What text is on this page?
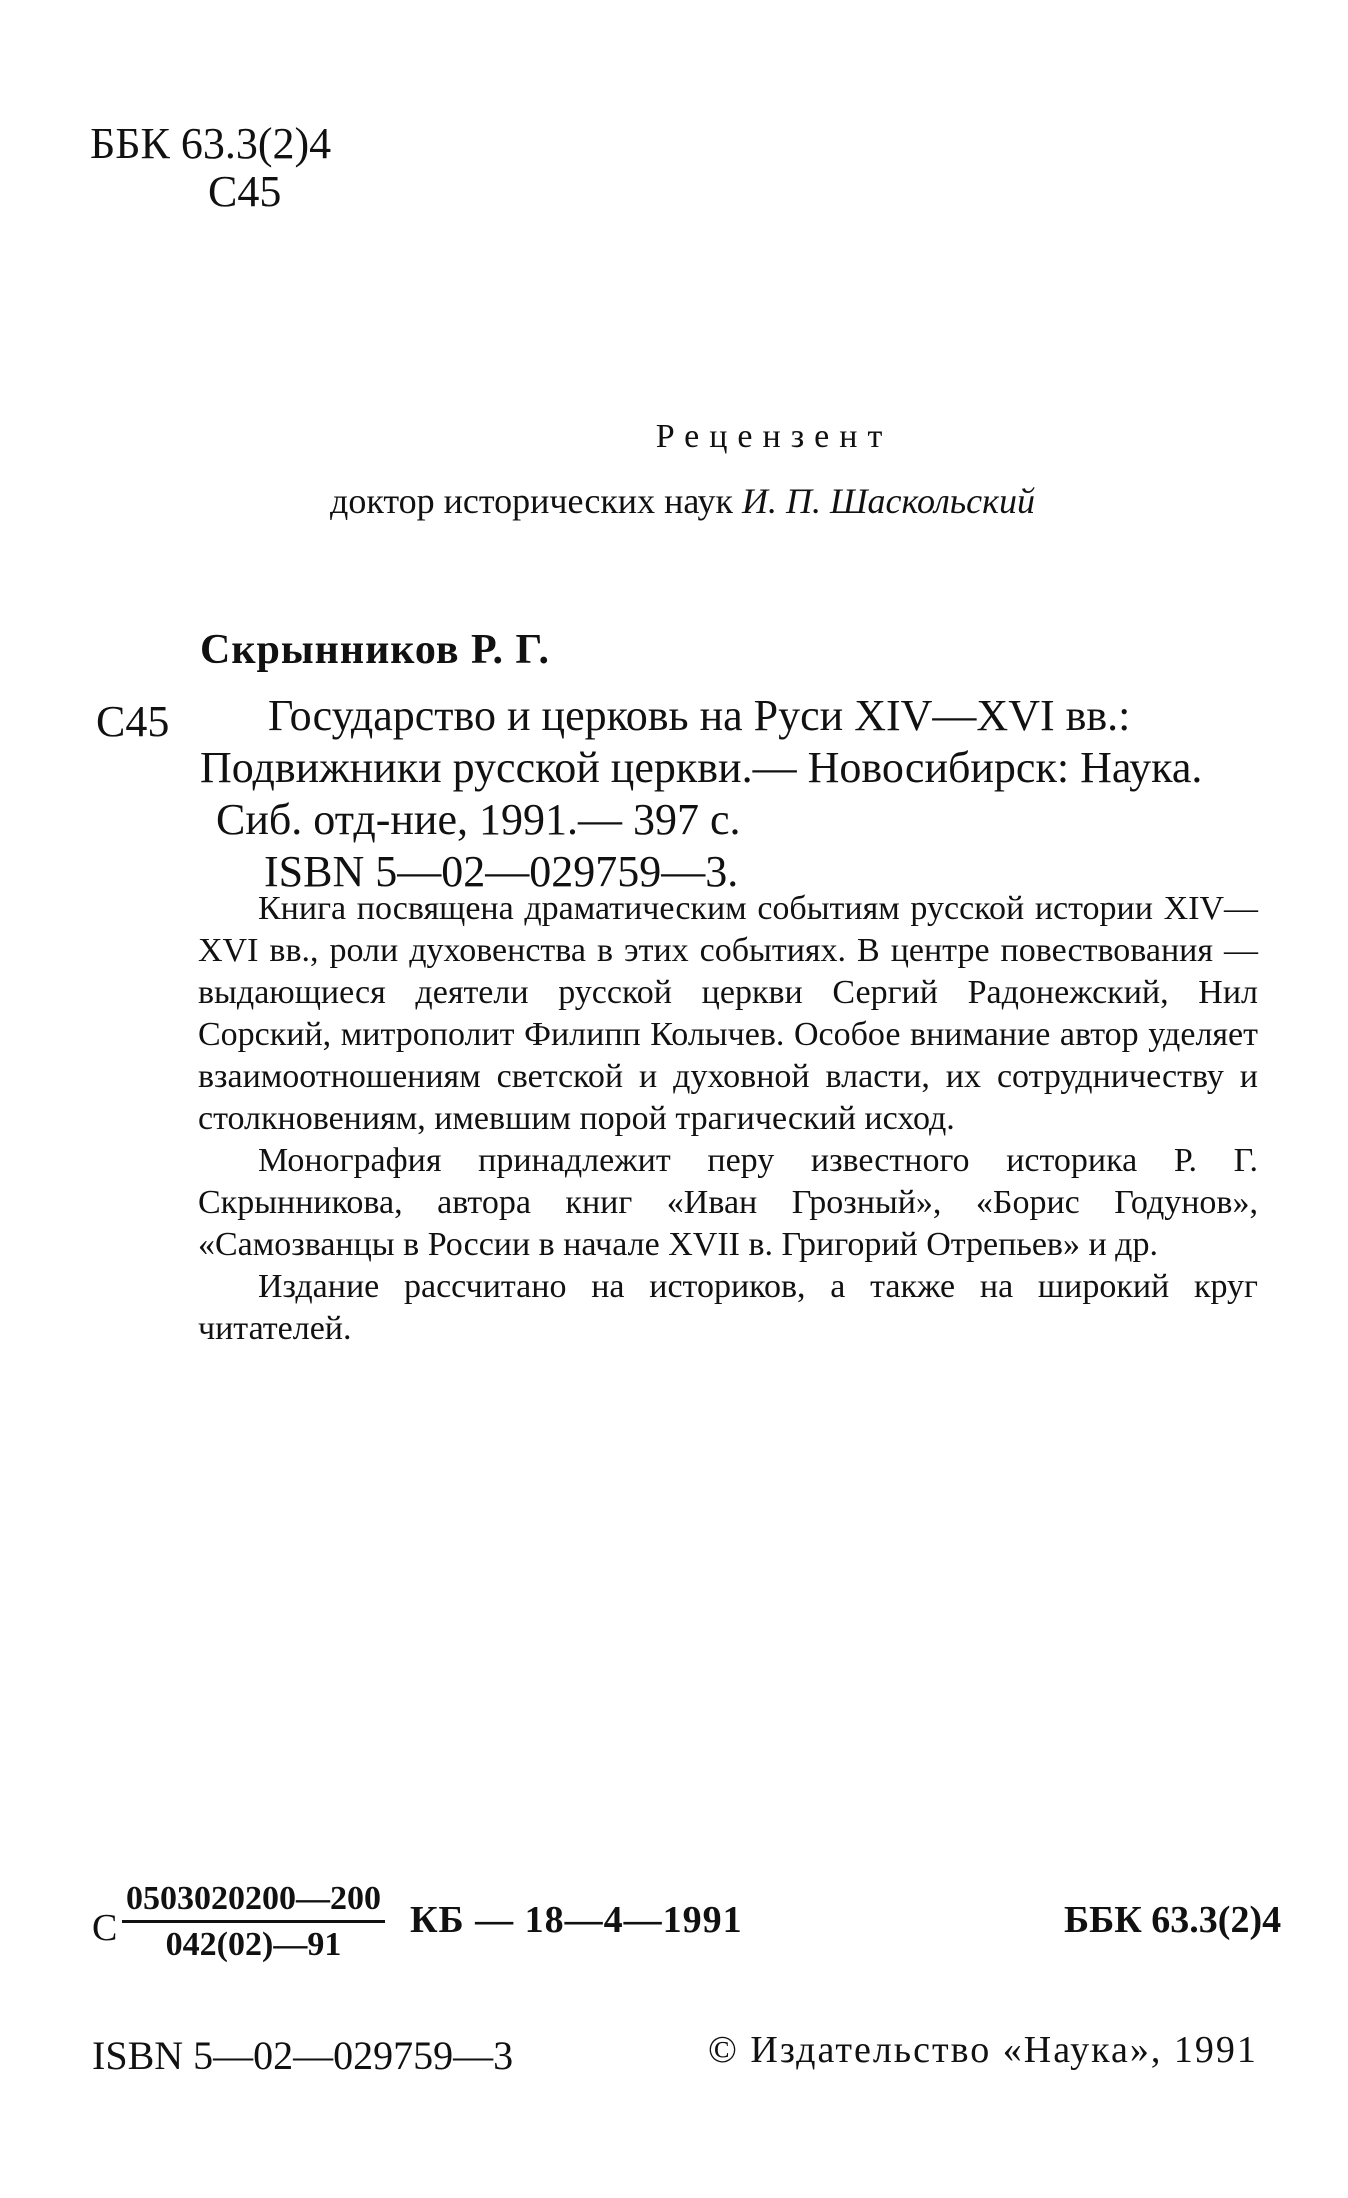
ББК 63.3(2)4
С45
Рецензент
доктор исторических наук И. П. Шаскольский
Скрынников Р. Г.
С45	Государство и церковь на Руси XIV—XVI вв.:
Подвижники русской церкви.— Новосибирск: Наука.
Сиб. отд-ние, 1991.— 397 с.
ISBN 5—02—029759—3.

Книга посвящена драматическим событиям русской истории XIV—XVI вв., роли духовенства в этих событиях. В центре повествования — выдающиеся деятели русской церкви Сергий Радонежский, Нил Сорский, митрополит Филипп Колычев. Особое внимание автор уделяет взаимоотношениям светской и духовной власти, их сотрудничеству и столкновениям, имевшим порой трагический исход.

Монография принадлежит перу известного историка Р. Г. Скрынникова, автора книг «Иван Грозный», «Борис Годунов», «Самозванцы в России в начале XVII в. Григорий Отрепьев» и др.

Издание рассчитано на историков, а также на широкий круг читателей.

С $\frac{0503020200—200}{042(02)—91}$ КБ — 18—4—1991	ББК 63.3(2)4
ISBN 5—02—029759—3	© Издательство «Наука», 1991
